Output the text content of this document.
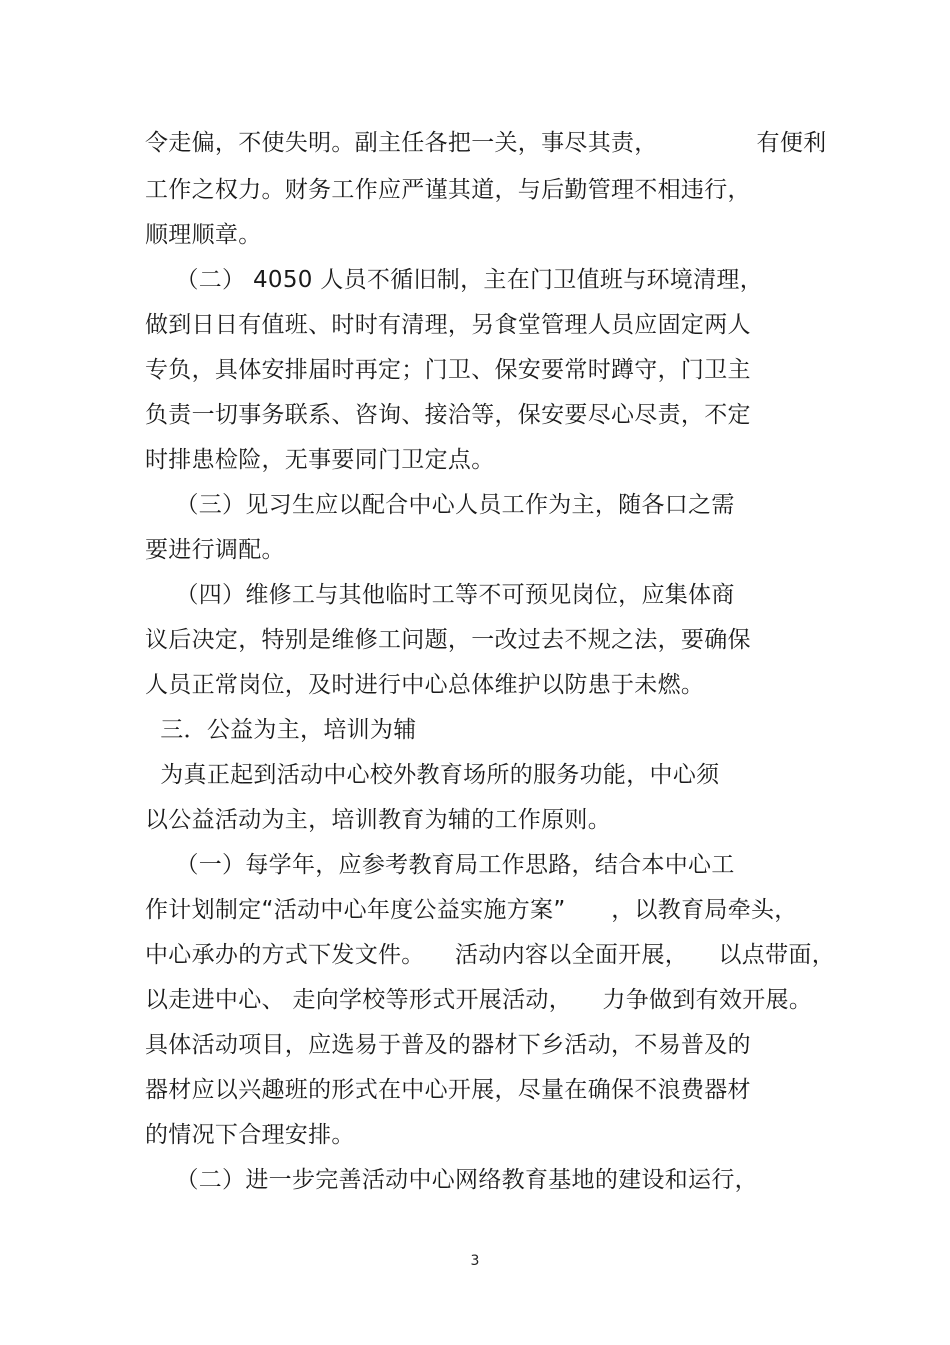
令走偏，不使失明。副主任各把一关，事尽其责，             有便利
工作之权力。财务工作应严谨其道，与后勤管理不相违行，
顺理顺章。
（二） 4050 人员不循旧制，主在门卫值班与环境清理，
做到日日有值班、时时有清理，另食堂管理人员应固定两人
专负，具体安排届时再定；门卫、保安要常时蹲守，门卫主
负责一切事务联系、咨询、接洽等，保安要尽心尽责，不定
时排患检险，无事要同门卫定点。
（三）见习生应以配合中心人员工作为主，随各口之需
要进行调配。
（四）维修工与其他临时工等不可预见岗位，应集体商
议后决定，特别是维修工问题，一改过去不规之法，要确保
人员正常岗位，及时进行中心总体维护以防患于未燃。
三．公益为主，培训为辅
为真正起到活动中心校外教育场所的服务功能，中心须
以公益活动为主，培训教育为辅的工作原则。
（一）每学年，应参考教育局工作思路，结合本中心工
作计划制定“活动中心年度公益实施方案”      ，以教育局牵头，
中心承办的方式下发文件。    活动内容以全面开展，    以点带面，
以走进中心、 走向学校等形式开展活动，    力争做到有效开展。
具体活动项目，应选易于普及的器材下乡活动，不易普及的
器材应以兴趣班的形式在中心开展，尽量在确保不浪费器材
的情况下合理安排。
（二）进一步完善活动中心网络教育基地的建设和运行，
3
